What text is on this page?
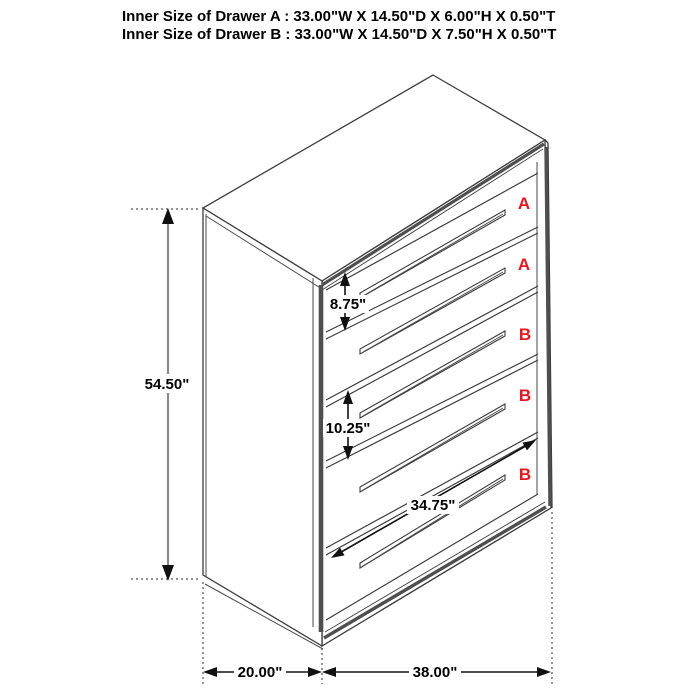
Inner Size of Drawer A : 33.00"W X 14.50"D X 6.00"H X 0.50"T
Inner Size of Drawer B : 33.00"W X 14.50"D X 7.50"H X 0.50"T
A
A
B
B
B
54.50"
8.75"
10.25"
34.75"
20.00"	38.00"
